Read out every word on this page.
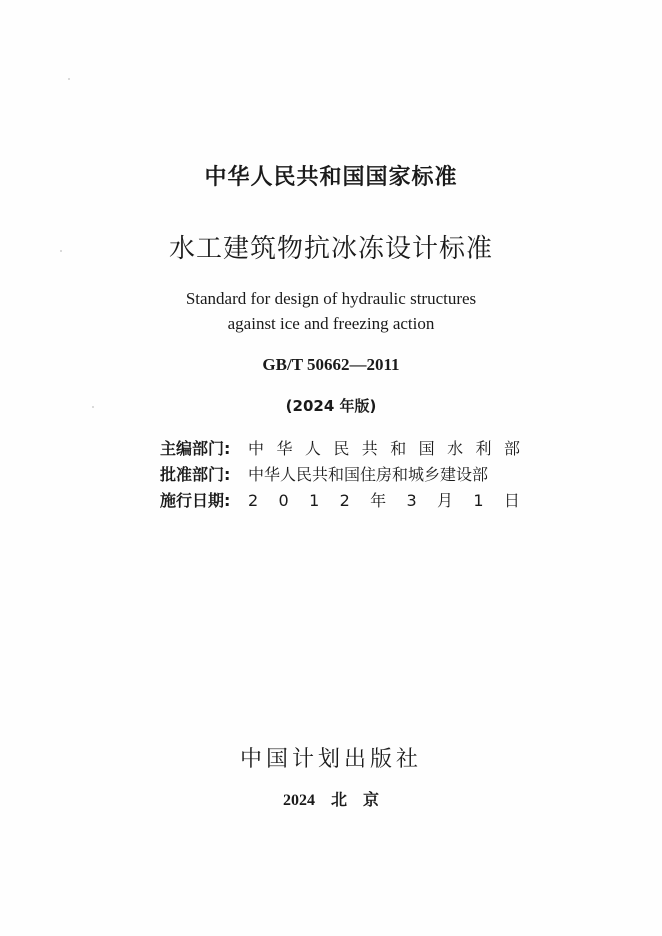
中华人民共和国国家标准
水工建筑物抗冰冻设计标准
Standard for design of hydraulic structures
against ice and freezing action
GB/T 50662—2011
(2024 年版)
主编部门:	中 华 人 民 共 和 国 水 利 部
批准部门:	中华人民共和国住房和城乡建设部
施行日期:	2 0 1 2 年 3 月 1 日
中国计划出版社
2024 北 京
